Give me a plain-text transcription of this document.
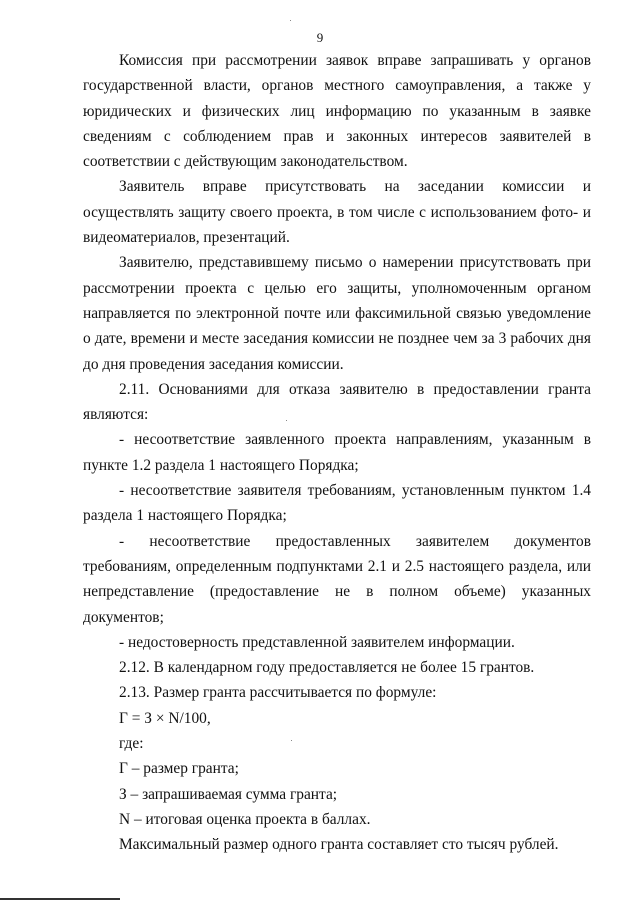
9

Комиссия при рассмотрении заявок вправе запрашивать у органов государственной власти, органов местного самоуправления, а также у юридических и физических лиц информацию по указанным в заявке сведениям с соблюдением прав и законных интересов заявителей в соответствии с действующим законодательством.

Заявитель вправе присутствовать на заседании комиссии и осуществлять защиту своего проекта, в том числе с использованием фото- и видеоматериалов, презентаций.

Заявителю, представившему письмо о намерении присутствовать при рассмотрении проекта с целью его защиты, уполномоченным органом направляется по электронной почте или факсимильной связью уведомление о дате, времени и месте заседания комиссии не позднее чем за 3 рабочих дня до дня проведения заседания комиссии.

2.11. Основаниями для отказа заявителю в предоставлении гранта являются:

- несоответствие заявленного проекта направлениям, указанным в пункте 1.2 раздела 1 настоящего Порядка;

- несоответствие заявителя требованиям, установленным пунктом 1.4 раздела 1 настоящего Порядка;

- несоответствие предоставленных заявителем документов требованиям, определенным подпунктами 2.1 и 2.5 настоящего раздела, или непредставление (предоставление не в полном объеме) указанных документов;

- недостоверность представленной заявителем информации.

2.12. В календарном году предоставляется не более 15 грантов.

2.13. Размер гранта рассчитывается по формуле:

Г = З × N/100,

где:

Г – размер гранта;

З – запрашиваемая сумма гранта;

N – итоговая оценка проекта в баллах.

Максимальный размер одного гранта составляет сто тысяч рублей.
